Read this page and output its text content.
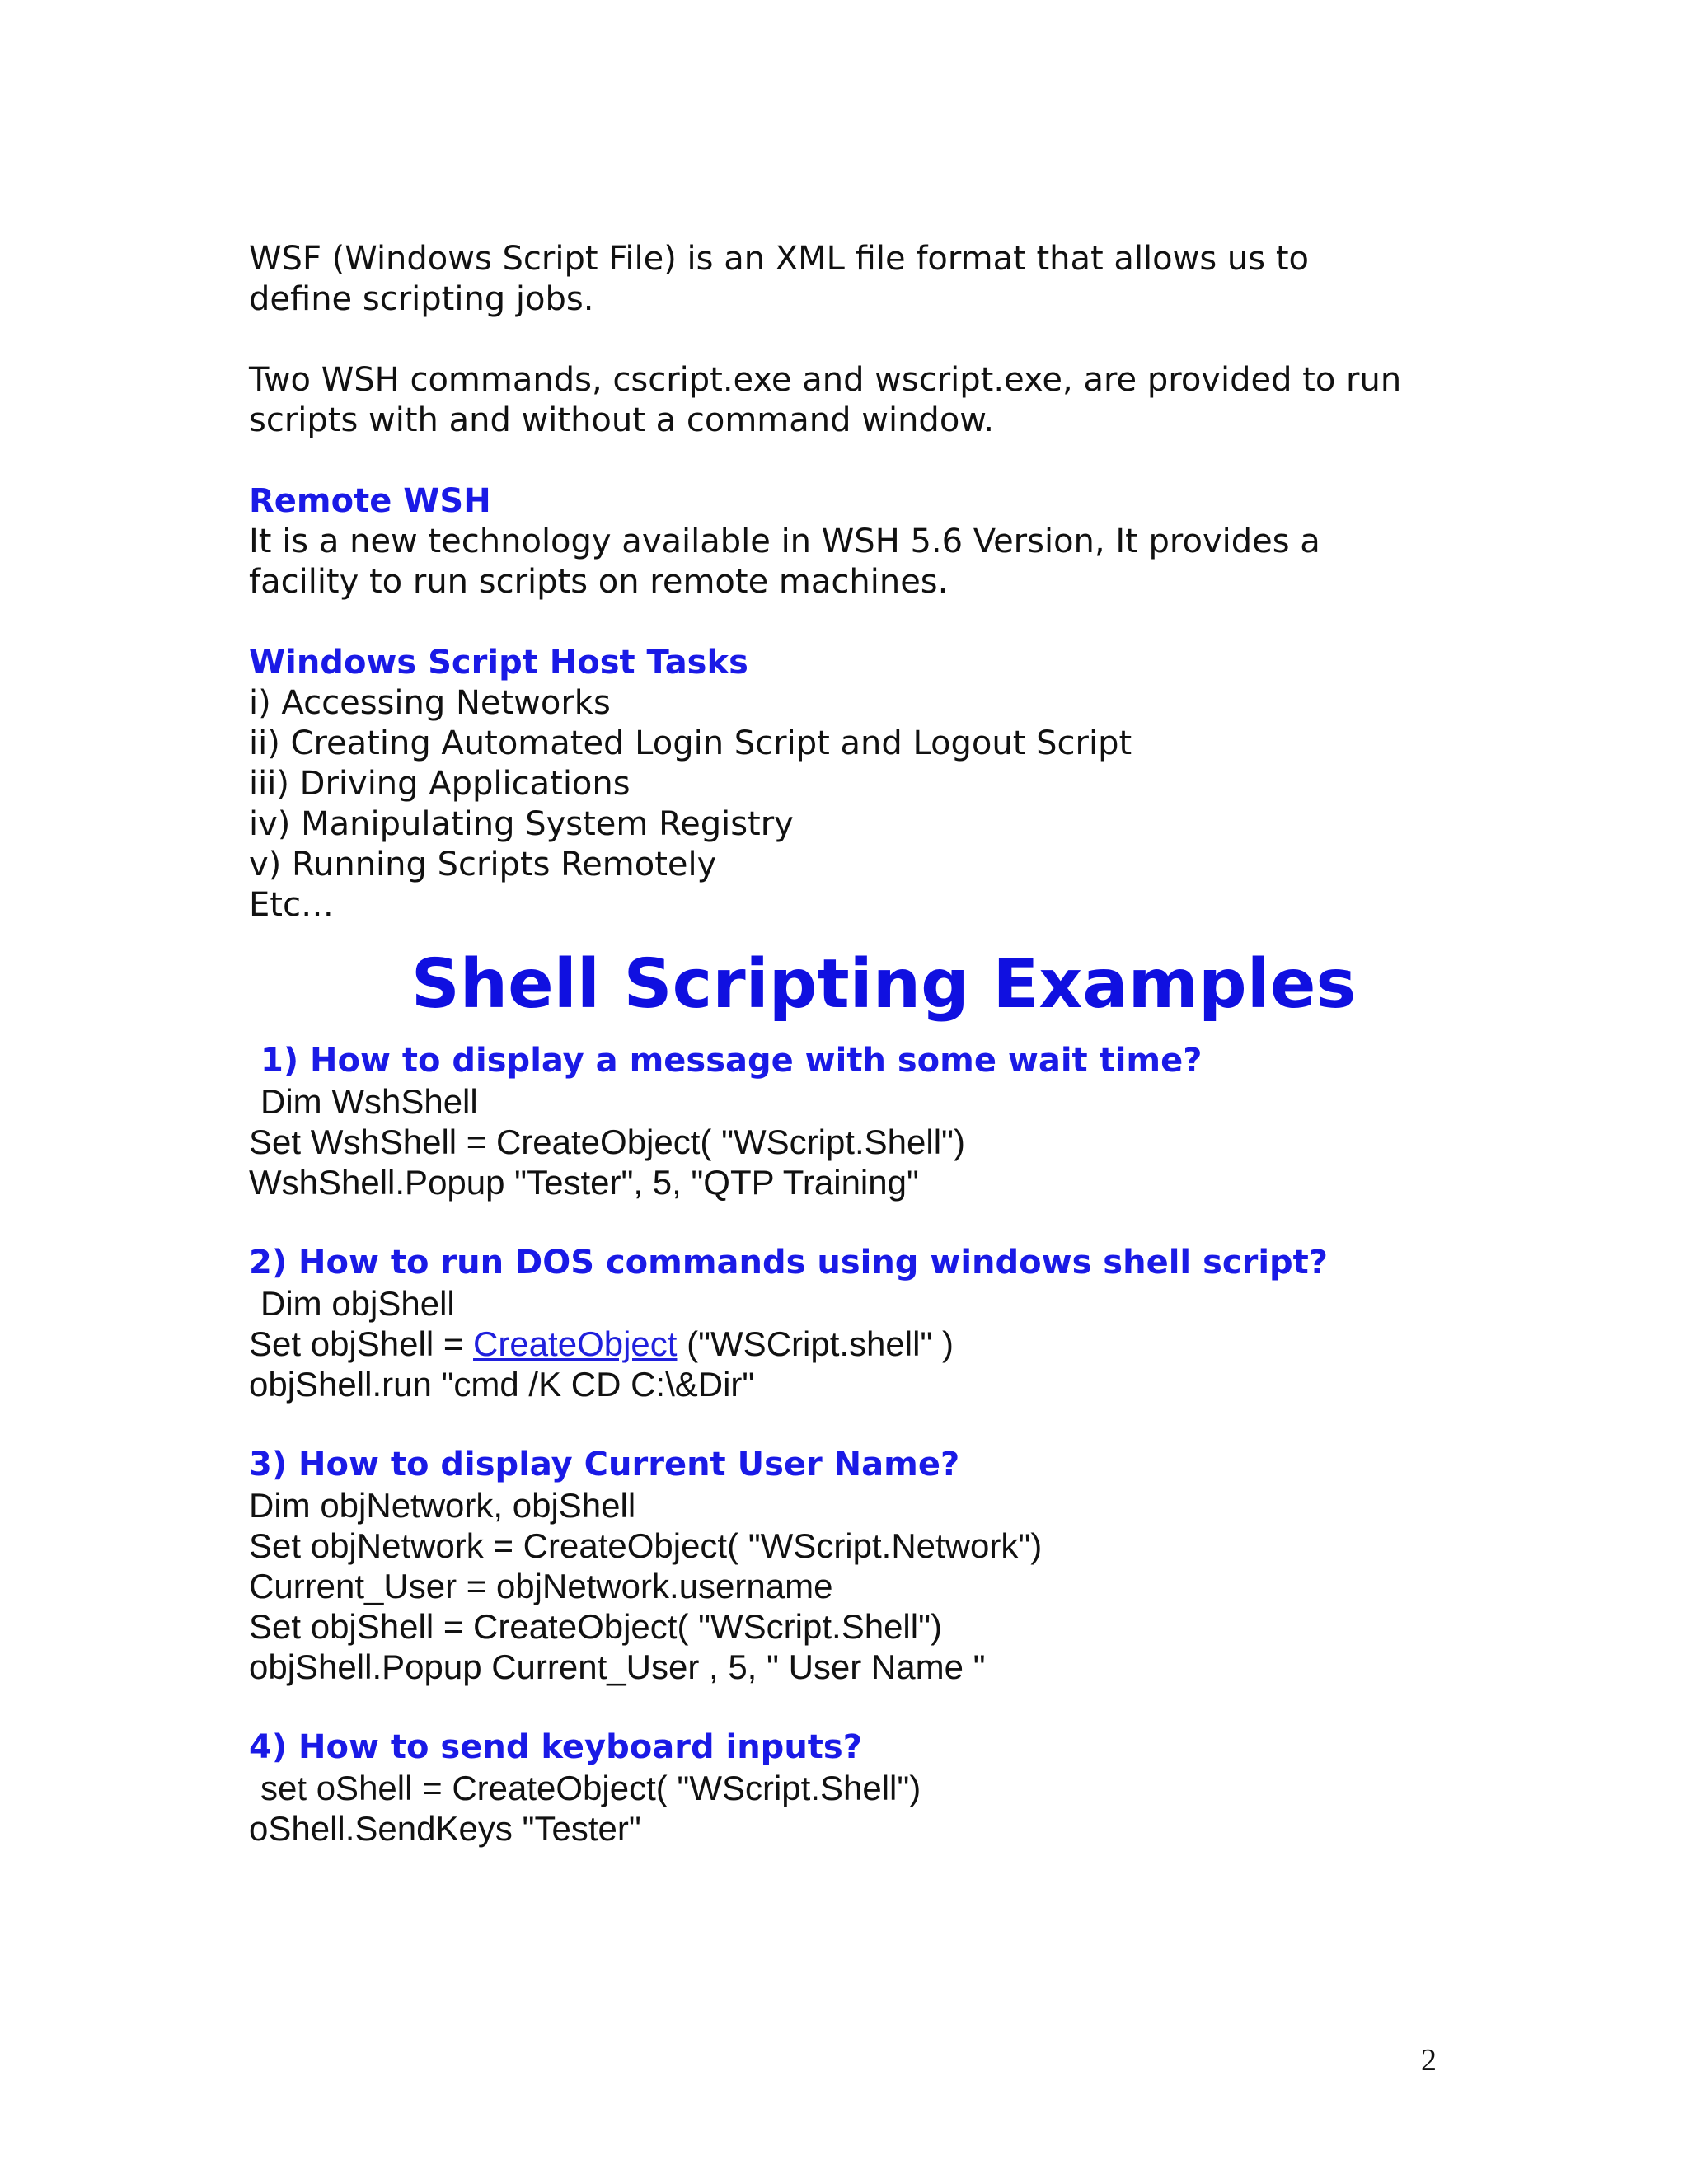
WSF (Windows Script File) is an XML file format that allows us to
define scripting jobs.
Two WSH commands, cscript.exe and wscript.exe, are provided to run
scripts with and without a command window.
Remote WSH
It is a new technology available in WSH 5.6 Version, It provides a
facility to run scripts on remote machines.
Windows Script Host Tasks
i) Accessing Networks
ii) Creating Automated Login Script and Logout Script
iii) Driving Applications
iv) Manipulating System Registry
v) Running Scripts Remotely
Etc…
Shell Scripting Examples
1) How to display a message with some wait time?
Dim WshShell
Set WshShell = CreateObject( "WScript.Shell")
WshShell.Popup "Tester", 5, "QTP Training"
2) How to run DOS commands using windows shell script?
Dim objShell
Set objShell = CreateObject ("WSCript.shell" )
objShell.run "cmd /K CD C:\&Dir"
3) How to display Current User Name?
Dim objNetwork, objShell
Set objNetwork = CreateObject( "WScript.Network")
Current_User = objNetwork.username
Set objShell = CreateObject( "WScript.Shell")
objShell.Popup Current_User , 5, " User Name "
4) How to send keyboard inputs?
set oShell = CreateObject( "WScript.Shell")
oShell.SendKeys "Tester"
2
